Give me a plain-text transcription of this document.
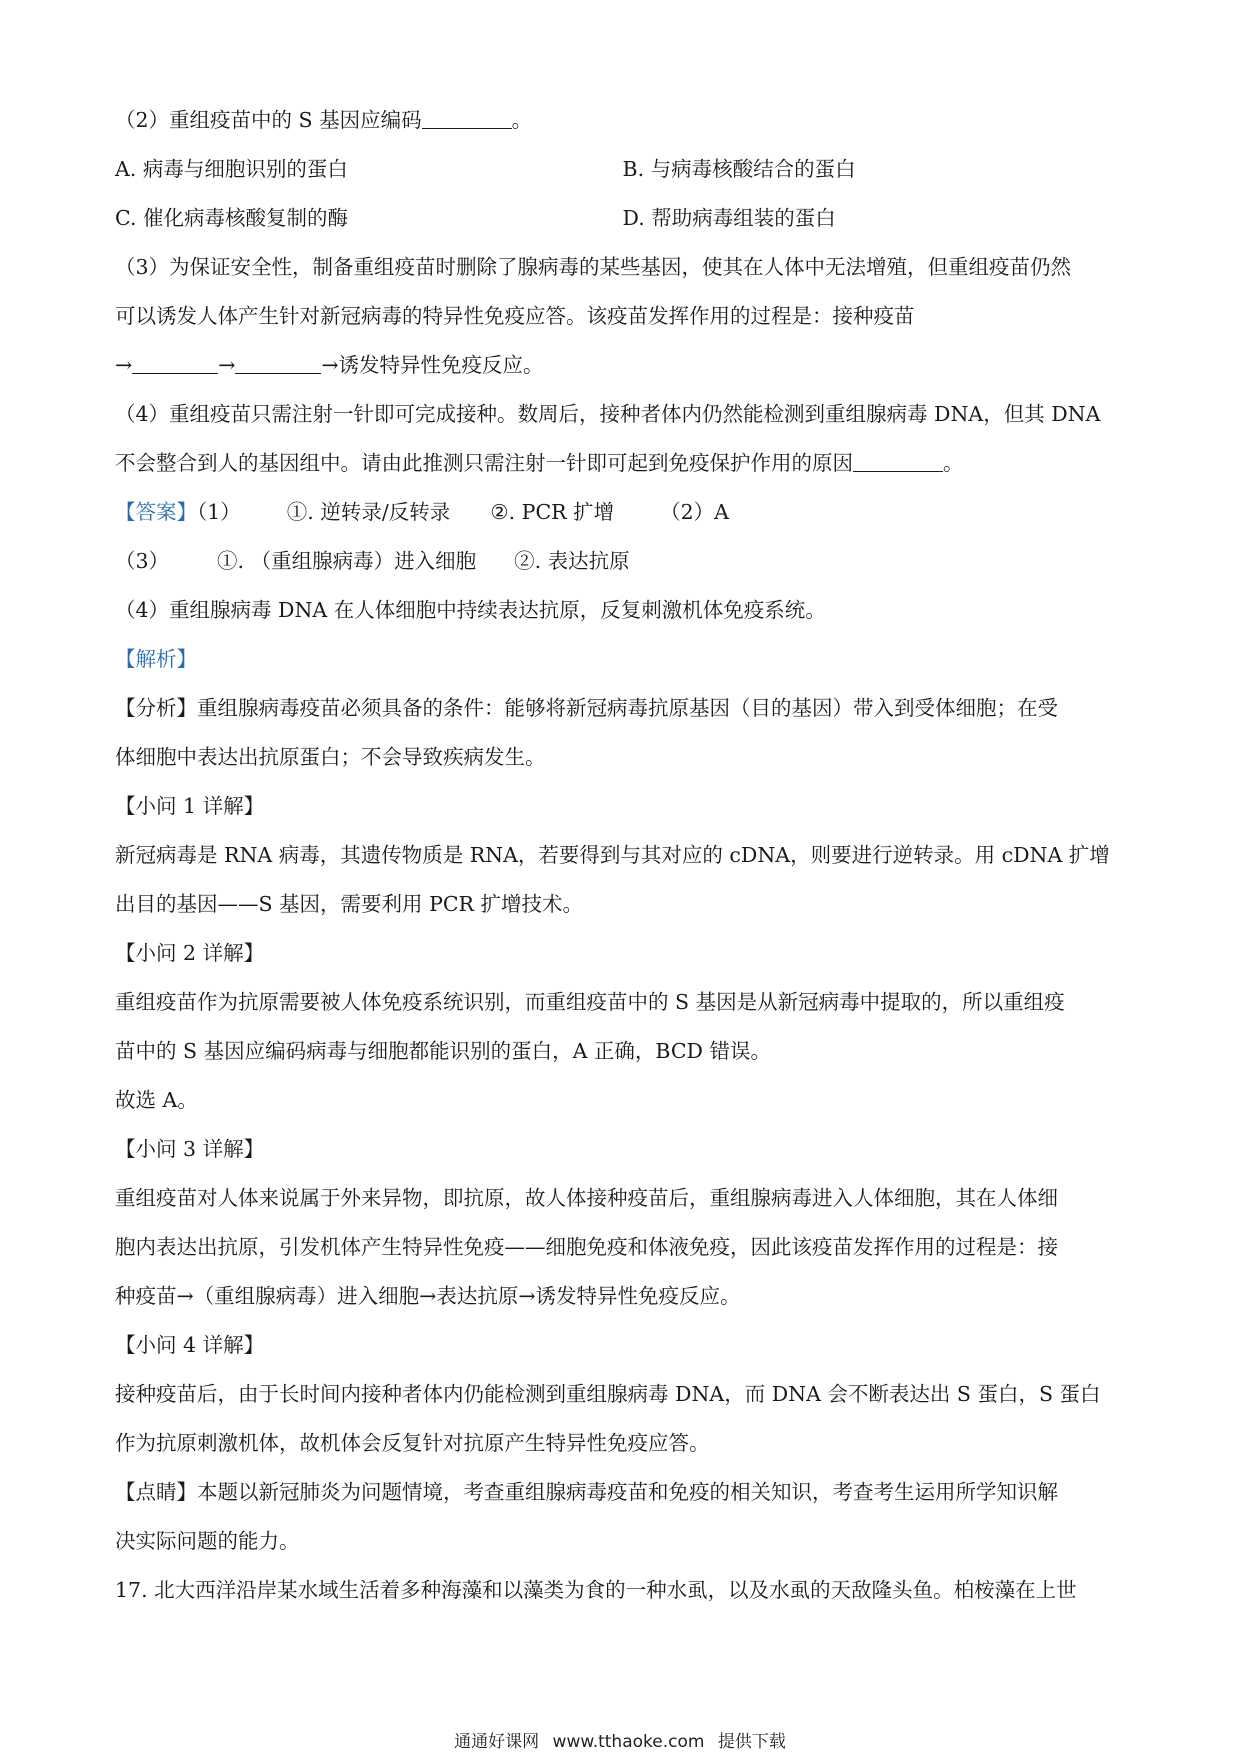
（2）重组疫苗中的 S 基因应编码	。
A. 病毒与细胞识别的蛋白	B. 与病毒核酸结合的蛋白
C. 催化病毒核酸复制的酶	D. 帮助病毒组装的蛋白
（3）为保证安全性，制备重组疫苗时删除了腺病毒的某些基因，使其在人体中无法增殖，但重组疫苗仍然
可以诱发人体产生针对新冠病毒的特异性免疫应答。该疫苗发挥作用的过程是：接种疫苗
→	→	→诱发特异性免疫反应。
（4）重组疫苗只需注射一针即可完成接种。数周后，接种者体内仍然能检测到重组腺病毒 DNA，但其 DNA
不会整合到人的基因组中。请由此推测只需注射一针即可起到免疫保护作用的原因	。
【答案】（1） ①. 逆转录/反转录 ②. PCR 扩增 （2）A
（3） ①. （重组腺病毒）进入细胞 ②. 表达抗原
（4）重组腺病毒 DNA 在人体细胞中持续表达抗原，反复刺激机体免疫系统。
【解析】
【分析】重组腺病毒疫苗必须具备的条件：能够将新冠病毒抗原基因（目的基因）带入到受体细胞；在受
体细胞中表达出抗原蛋白；不会导致疾病发生。
【小问 1 详解】
新冠病毒是 RNA 病毒，其遗传物质是 RNA，若要得到与其对应的 cDNA，则要进行逆转录。用 cDNA 扩增
出目的基因——S 基因，需要利用 PCR 扩增技术。
【小问 2 详解】
重组疫苗作为抗原需要被人体免疫系统识别，而重组疫苗中的 S 基因是从新冠病毒中提取的，所以重组疫
苗中的 S 基因应编码病毒与细胞都能识别的蛋白，A 正确，BCD 错误。
故选 A。
【小问 3 详解】
重组疫苗对人体来说属于外来异物，即抗原，故人体接种疫苗后，重组腺病毒进入人体细胞，其在人体细
胞内表达出抗原，引发机体产生特异性免疫——细胞免疫和体液免疫，因此该疫苗发挥作用的过程是：接
种疫苗→（重组腺病毒）进入细胞→表达抗原→诱发特异性免疫反应。
【小问 4 详解】
接种疫苗后，由于长时间内接种者体内仍能检测到重组腺病毒 DNA，而 DNA 会不断表达出 S 蛋白，S 蛋白
作为抗原刺激机体，故机体会反复针对抗原产生特异性免疫应答。
【点睛】本题以新冠肺炎为问题情境，考查重组腺病毒疫苗和免疫的相关知识，考查考生运用所学知识解
决实际问题的能力。
17. 北大西洋沿岸某水域生活着多种海藻和以藻类为食的一种水虱，以及水虱的天敌隆头鱼。柏桉藻在上世
通通好课网 www.tthaoke.com 提供下载
